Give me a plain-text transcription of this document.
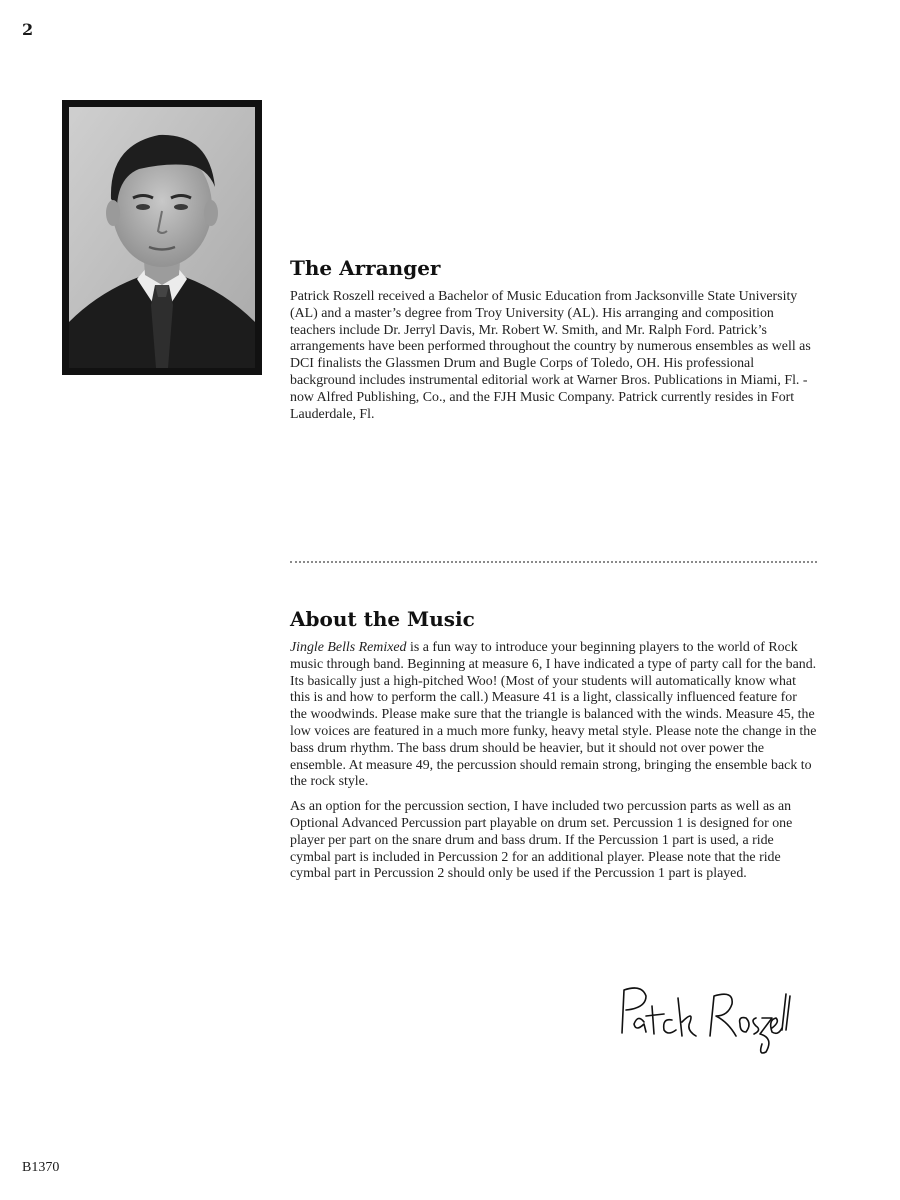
2
The Arranger

Patrick Roszell received a Bachelor of Music Education from Jacksonville State University (AL) and a master’s degree from Troy University (AL). His arranging and composition teachers include Dr. Jerryl Davis, Mr. Robert W. Smith, and Mr. Ralph Ford. Patrick’s arrangements have been performed throughout the country by numerous ensembles as well as DCI finalists the Glassmen Drum and Bugle Corps of Toledo, OH. His professional background includes instrumental editorial work at Warner Bros. Publications in Miami, Fl. - now Alfred Publishing, Co., and the FJH Music Company. Patrick currently resides in Fort Lauderdale, Fl.

About the Music

Jingle Bells Remixed is a fun way to introduce your beginning players to the world of Rock music through band. Beginning at measure 6, I have indicated a type of party call for the band. Its basically just a high-pitched Woo! (Most of your students will automatically know what this is and how to perform the call.) Measure 41 is a light, classically influenced feature for the woodwinds. Please make sure that the triangle is balanced with the winds. Measure 45, the low voices are featured in a much more funky, heavy metal style. Please note the change in the bass drum rhythm. The bass drum should be heavier, but it should not over power the ensemble. At measure 49, the percussion should remain strong, bringing the ensemble back to the rock style.

As an option for the percussion section, I have included two percussion parts as well as an Optional Advanced Percussion part playable on drum set. Percussion 1 is designed for one player per part on the snare drum and bass drum. If the Percussion 1 part is used, a ride cymbal part is included in Percussion 2 for an additional player. Please note that the ride cymbal part in Percussion 2 should only be used if the Percussion 1 part is played.

B1370
